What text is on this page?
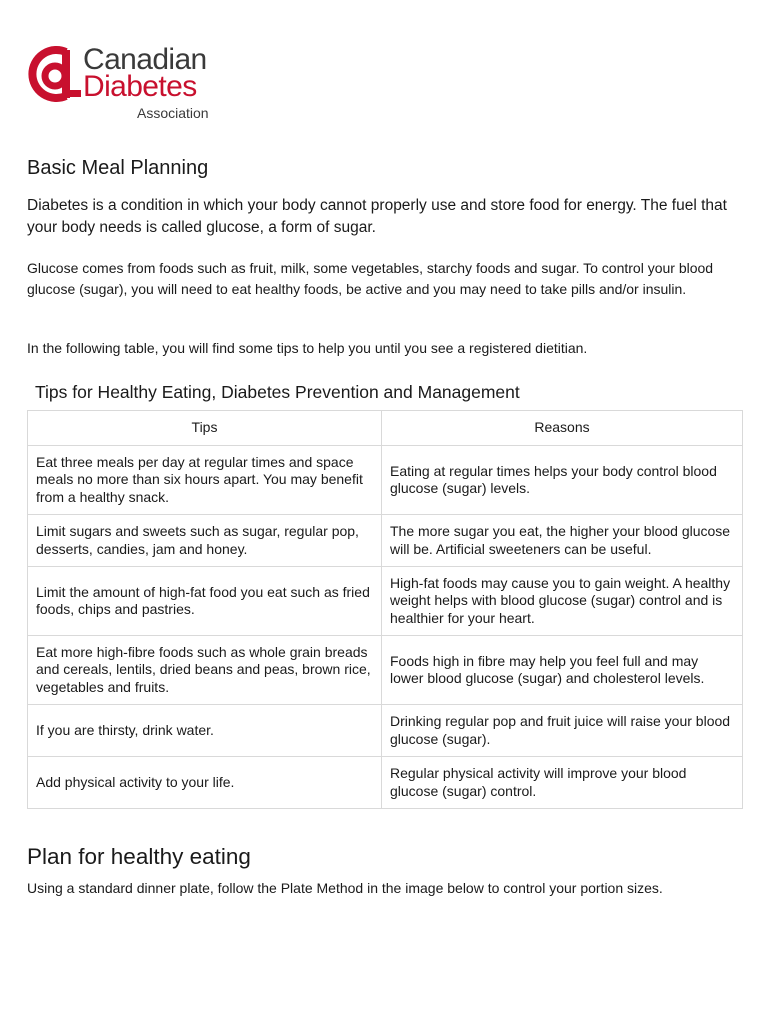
Canadian
Diabetes
Association
Basic Meal Planning

Diabetes is a condition in which your body cannot properly use and store food for energy. The fuel that your body needs is called glucose, a form of sugar.

Glucose comes from foods such as fruit, milk, some vegetables, starchy foods and sugar. To control your blood glucose (sugar), you will need to eat healthy foods, be active and you may need to take pills and/or insulin.

In the following table, you will find some tips to help you until you see a registered dietitian.

Tips for Healthy Eating, Diabetes Prevention and Management
Tips	Reasons
Eat three meals per day at regular times and space meals no more than six hours apart. You may benefit from a healthy snack.	Eating at regular times helps your body control blood glucose (sugar) levels.
Limit sugars and sweets such as sugar, regular pop, desserts, candies, jam and honey.	The more sugar you eat, the higher your blood glucose will be. Artificial sweeteners can be useful.
Limit the amount of high-fat food you eat such as fried foods, chips and pastries.	High-fat foods may cause you to gain weight. A healthy weight helps with blood glucose (sugar) control and is healthier for your heart.
Eat more high-fibre foods such as whole grain breads and cereals, lentils, dried beans and peas, brown rice, vegetables and fruits.	Foods high in fibre may help you feel full and may lower blood glucose (sugar) and cholesterol levels.
If you are thirsty, drink water.	Drinking regular pop and fruit juice will raise your blood glucose (sugar).
Add physical activity to your life.	Regular physical activity will improve your blood glucose (sugar) control.
Plan for healthy eating

Using a standard dinner plate, follow the Plate Method in the image below to control your portion sizes.
